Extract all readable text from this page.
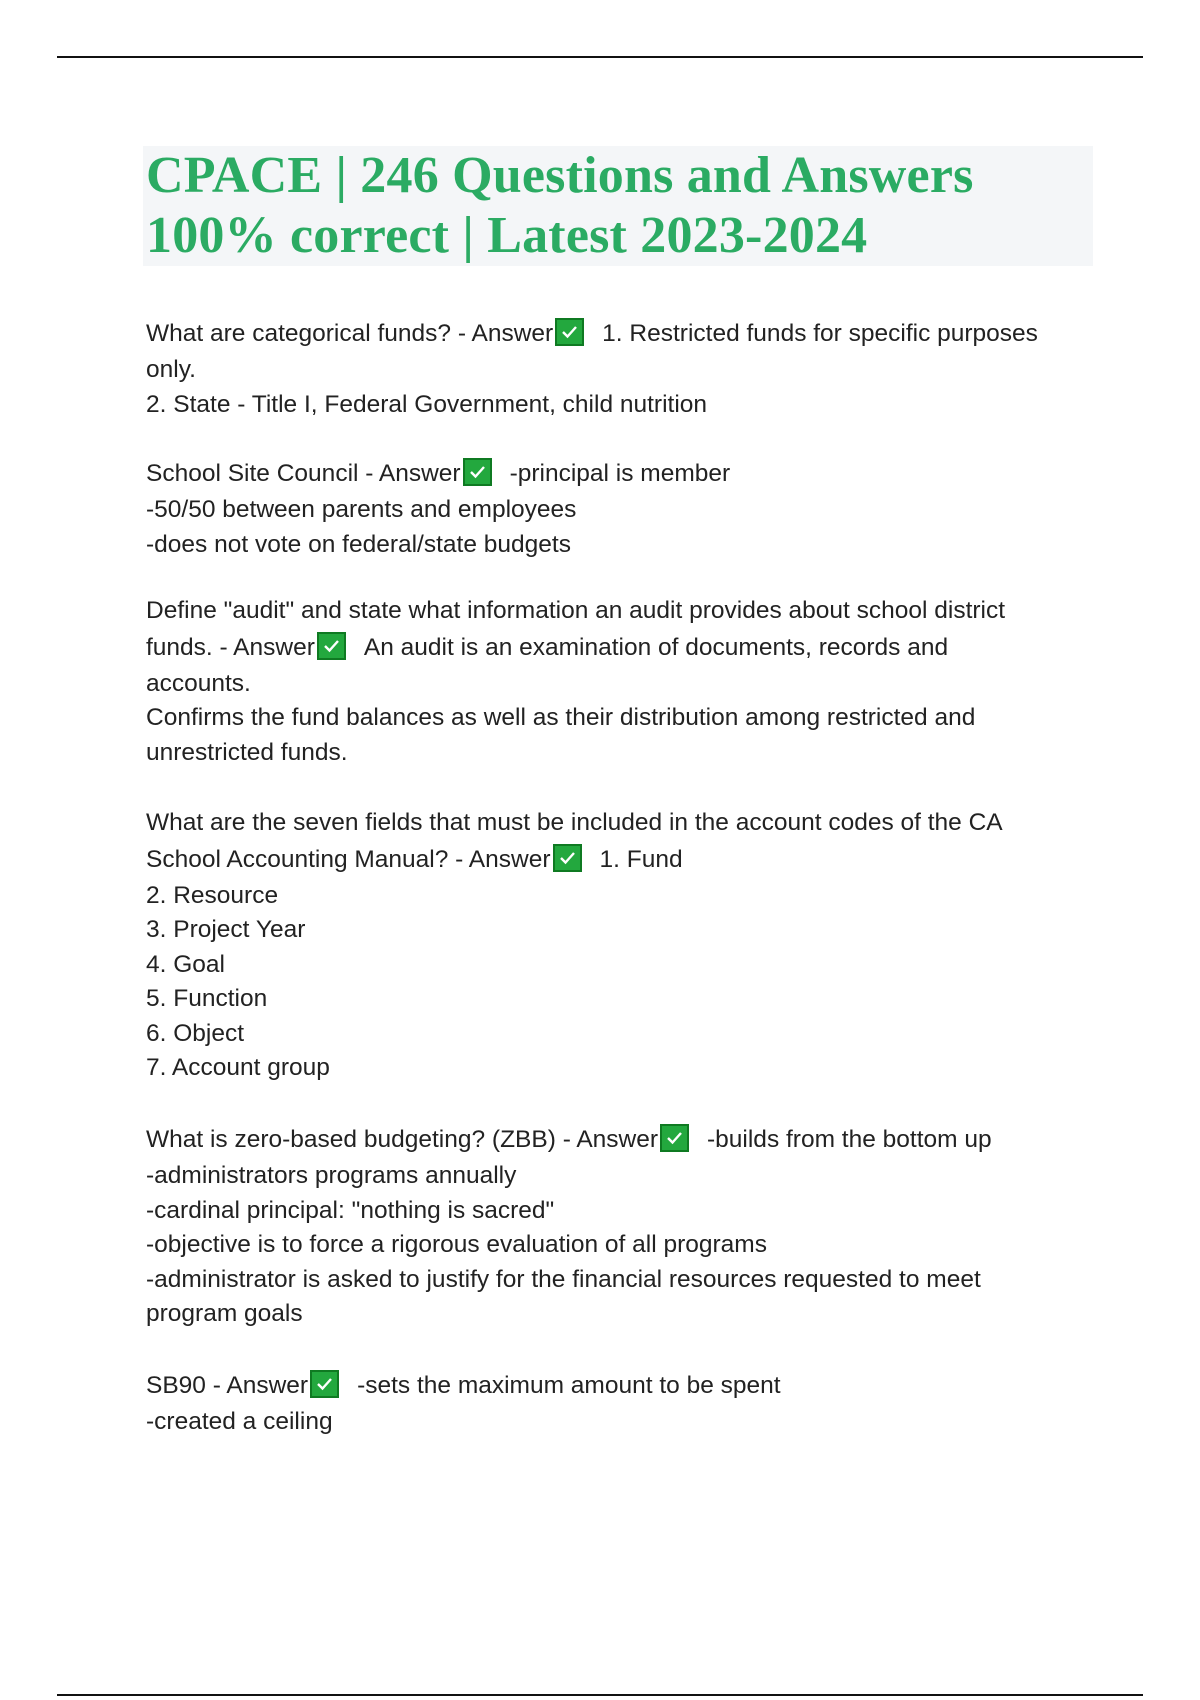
CPACE | 246 Questions and Answers
100% correct | Latest 2023-2024
What are categorical funds? - Answer 1. Restricted funds for specific purposes
only.
2. State - Title I, Federal Government, child nutrition
School Site Council - Answer -principal is member
-50/50 between parents and employees
-does not vote on federal/state budgets
Define "audit" and state what information an audit provides about school district
funds. - Answer An audit is an examination of documents, records and
accounts.
Confirms the fund balances as well as their distribution among restricted and
unrestricted funds.
What are the seven fields that must be included in the account codes of the CA
School Accounting Manual? - Answer 1. Fund
2. Resource
3. Project Year
4. Goal
5. Function
6. Object
7. Account group
What is zero-based budgeting? (ZBB) - Answer -builds from the bottom up
-administrators programs annually
-cardinal principal: "nothing is sacred"
-objective is to force a rigorous evaluation of all programs
-administrator is asked to justify for the financial resources requested to meet
program goals
SB90 - Answer -sets the maximum amount to be spent
-created a ceiling
